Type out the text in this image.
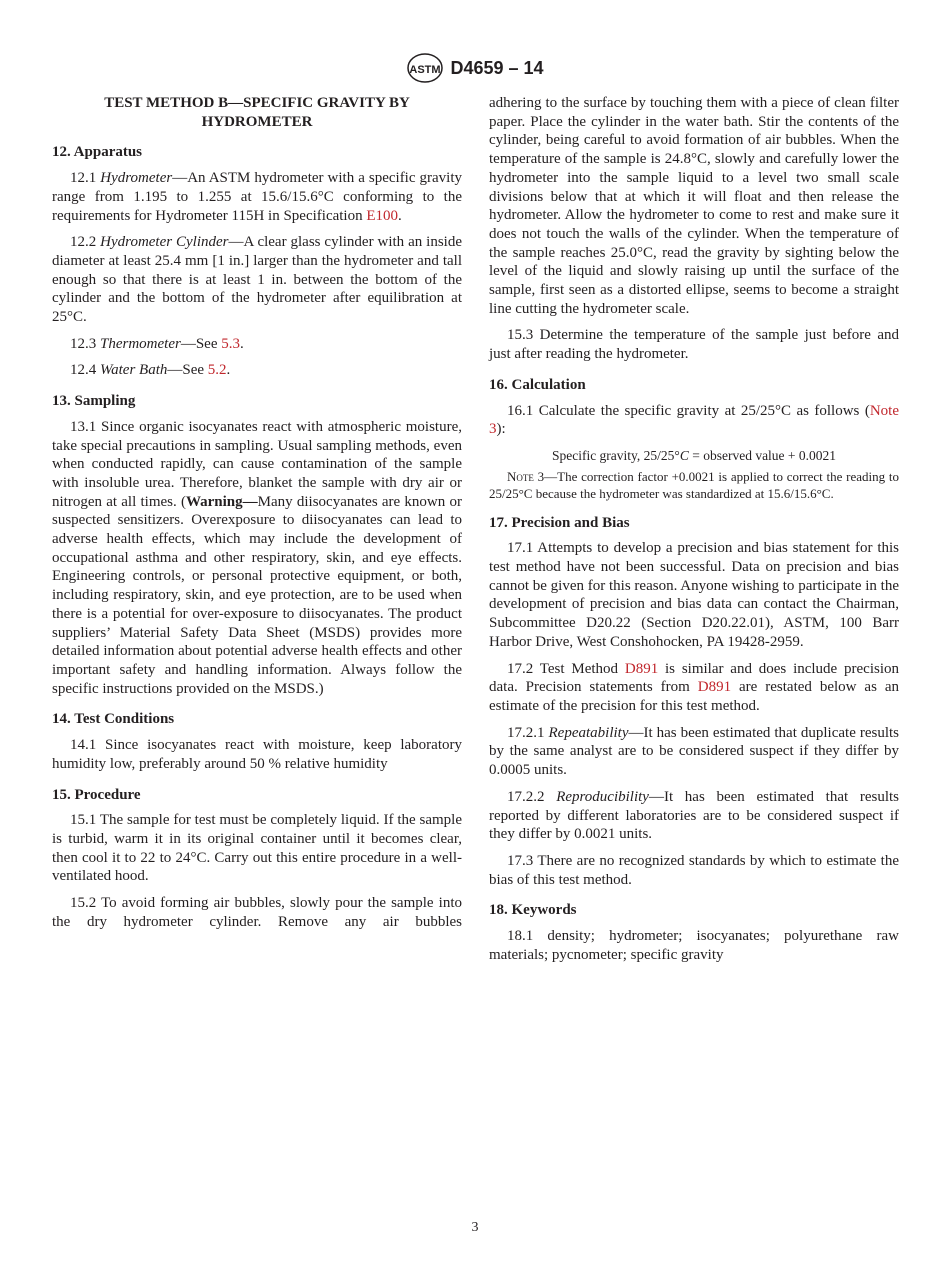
ASTM D4659 – 14
TEST METHOD B—SPECIFIC GRAVITY BY HYDROMETER
12. Apparatus

12.1 Hydrometer—An ASTM hydrometer with a specific gravity range from 1.195 to 1.255 at 15.6/15.6°C conforming to the requirements for Hydrometer 115H in Specification E100.

12.2 Hydrometer Cylinder—A clear glass cylinder with an inside diameter at least 25.4 mm [1 in.] larger than the hydrometer and tall enough so that there is at least 1 in. between the bottom of the cylinder and the bottom of the hydrometer after equilibration at 25°C.

12.3 Thermometer—See 5.3.

12.4 Water Bath—See 5.2.

13. Sampling

13.1 Since organic isocyanates react with atmospheric moisture, take special precautions in sampling. Usual sampling methods, even when conducted rapidly, can cause contamination of the sample with insoluble urea. Therefore, blanket the sample with dry air or nitrogen at all times. (Warning—Many diisocyanates are known or suspected sensitizers. Overexposure to diisocyanates can lead to adverse health effects, which may include the development of occupational asthma and other respiratory, skin, and eye effects. Engineering controls, or personal protective equipment, or both, including respiratory, skin, and eye protection, are to be used when there is a potential for over-exposure to diisocyanates. The product suppliers’ Material Safety Data Sheet (MSDS) provides more detailed information about potential adverse health effects and other important safety and handling information. Always follow the specific instructions provided on the MSDS.)

14. Test Conditions

14.1 Since isocyanates react with moisture, keep laboratory humidity low, preferably around 50 % relative humidity

15. Procedure

15.1 The sample for test must be completely liquid. If the sample is turbid, warm it in its original container until it becomes clear, then cool it to 22 to 24°C. Carry out this entire procedure in a well-ventilated hood.

15.2 To avoid forming air bubbles, slowly pour the sample into the dry hydrometer cylinder. Remove any air bubbles

adhering to the surface by touching them with a piece of clean filter paper. Place the cylinder in the water bath. Stir the contents of the cylinder, being careful to avoid formation of air bubbles. When the temperature of the sample is 24.8°C, slowly and carefully lower the hydrometer into the sample liquid to a level two small scale divisions below that at which it will float and then release the hydrometer. Allow the hydrometer to come to rest and make sure it does not touch the walls of the cylinder. When the temperature of the sample reaches 25.0°C, read the gravity by sighting below the level of the liquid and slowly raising up until the surface of the sample, first seen as a distorted ellipse, seems to become a straight line cutting the hydrometer scale.

15.3 Determine the temperature of the sample just before and just after reading the hydrometer.

16. Calculation

16.1 Calculate the specific gravity at 25/25°C as follows (Note 3):

Specific gravity, 25/25°C = observed value + 0.0021

Note 3—The correction factor +0.0021 is applied to correct the reading to 25/25°C because the hydrometer was standardized at 15.6/15.6°C.

17. Precision and Bias

17.1 Attempts to develop a precision and bias statement for this test method have not been successful. Data on precision and bias cannot be given for this reason. Anyone wishing to participate in the development of precision and bias data can contact the Chairman, Subcommittee D20.22 (Section D20.22.01), ASTM, 100 Barr Harbor Drive, West Conshohocken, PA 19428-2959.

17.2 Test Method D891 is similar and does include precision data. Precision statements from D891 are restated below as an estimate of the precision for this test method.

17.2.1 Repeatability—It has been estimated that duplicate results by the same analyst are to be considered suspect if they differ by 0.0005 units.

17.2.2 Reproducibility—It has been estimated that results reported by different laboratories are to be considered suspect if they differ by 0.0021 units.

17.3 There are no recognized standards by which to estimate the bias of this test method.

18. Keywords

18.1 density; hydrometer; isocyanates; polyurethane raw materials; pycnometer; specific gravity

3
